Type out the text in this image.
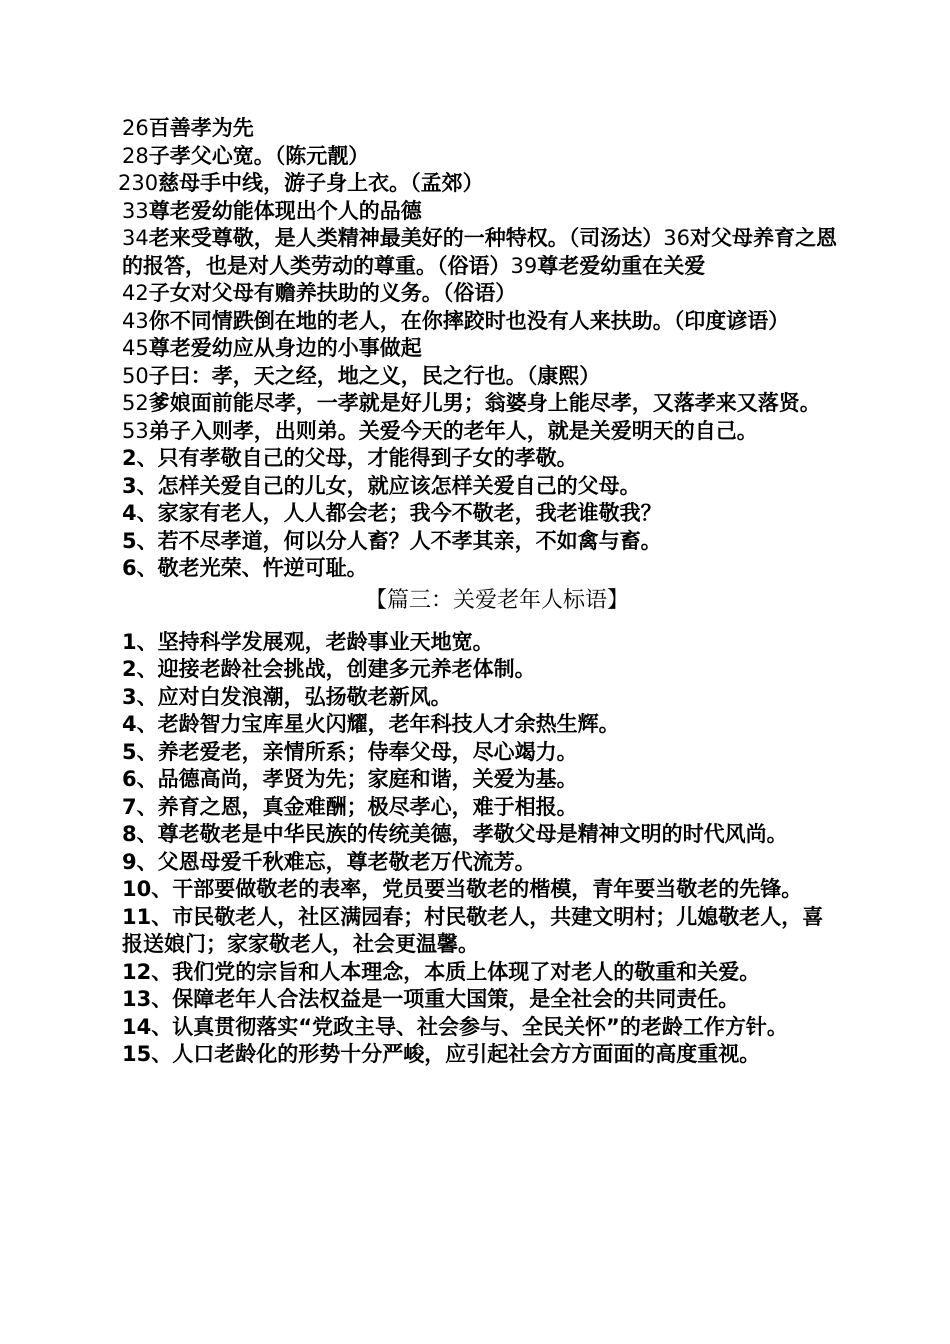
26百善孝为先
28子孝父心宽。（陈元靓）
230慈母手中线，游子身上衣。（孟郊）
33尊老爱幼能体现出个人的品德
34老来受尊敬，是人类精神最美好的一种特权。（司汤达）36对父母养育之恩的报答，也是对人类劳动的尊重。（俗语）39尊老爱幼重在关爱
42子女对父母有赡养扶助的义务。（俗语）
43你不同情跌倒在地的老人，在你摔跤时也没有人来扶助。（印度谚语）
45尊老爱幼应从身边的小事做起
50子曰：孝，天之经，地之义，民之行也。（康熙）
52爹娘面前能尽孝，一孝就是好儿男；翁婆身上能尽孝，又落孝来又落贤。
53弟子入则孝，出则弟。关爱今天的老年人，就是关爱明天的自己。
2、只有孝敬自己的父母，才能得到子女的孝敬。
3、怎样关爱自己的儿女，就应该怎样关爱自己的父母。
4、家家有老人，人人都会老；我今不敬老，我老谁敬我？
5、若不尽孝道，何以分人畜？人不孝其亲，不如禽与畜。
6、敬老光荣、忤逆可耻。
【篇三：关爱老年人标语】
1、坚持科学发展观，老龄事业天地宽。
2、迎接老龄社会挑战，创建多元养老体制。
3、应对白发浪潮，弘扬敬老新风。
4、老龄智力宝库星火闪耀，老年科技人才余热生辉。
5、养老爱老，亲情所系；侍奉父母，尽心竭力。
6、品德高尚，孝贤为先；家庭和谐，关爱为基。
7、养育之恩，真金难酬；极尽孝心，难于相报。
8、尊老敬老是中华民族的传统美德，孝敬父母是精神文明的时代风尚。
9、父恩母爱千秋难忘，尊老敬老万代流芳。
10、干部要做敬老的表率，党员要当敬老的楷模，青年要当敬老的先锋。
11、市民敬老人，社区满园春；村民敬老人，共建文明村；儿媳敬老人，喜报送娘门；家家敬老人，社会更温馨。
12、我们党的宗旨和人本理念，本质上体现了对老人的敬重和关爱。
13、保障老年人合法权益是一项重大国策，是全社会的共同责任。
14、认真贯彻落实“党政主导、社会参与、全民关怀”的老龄工作方针。
15、人口老龄化的形势十分严峻，应引起社会方方面面的高度重视。
